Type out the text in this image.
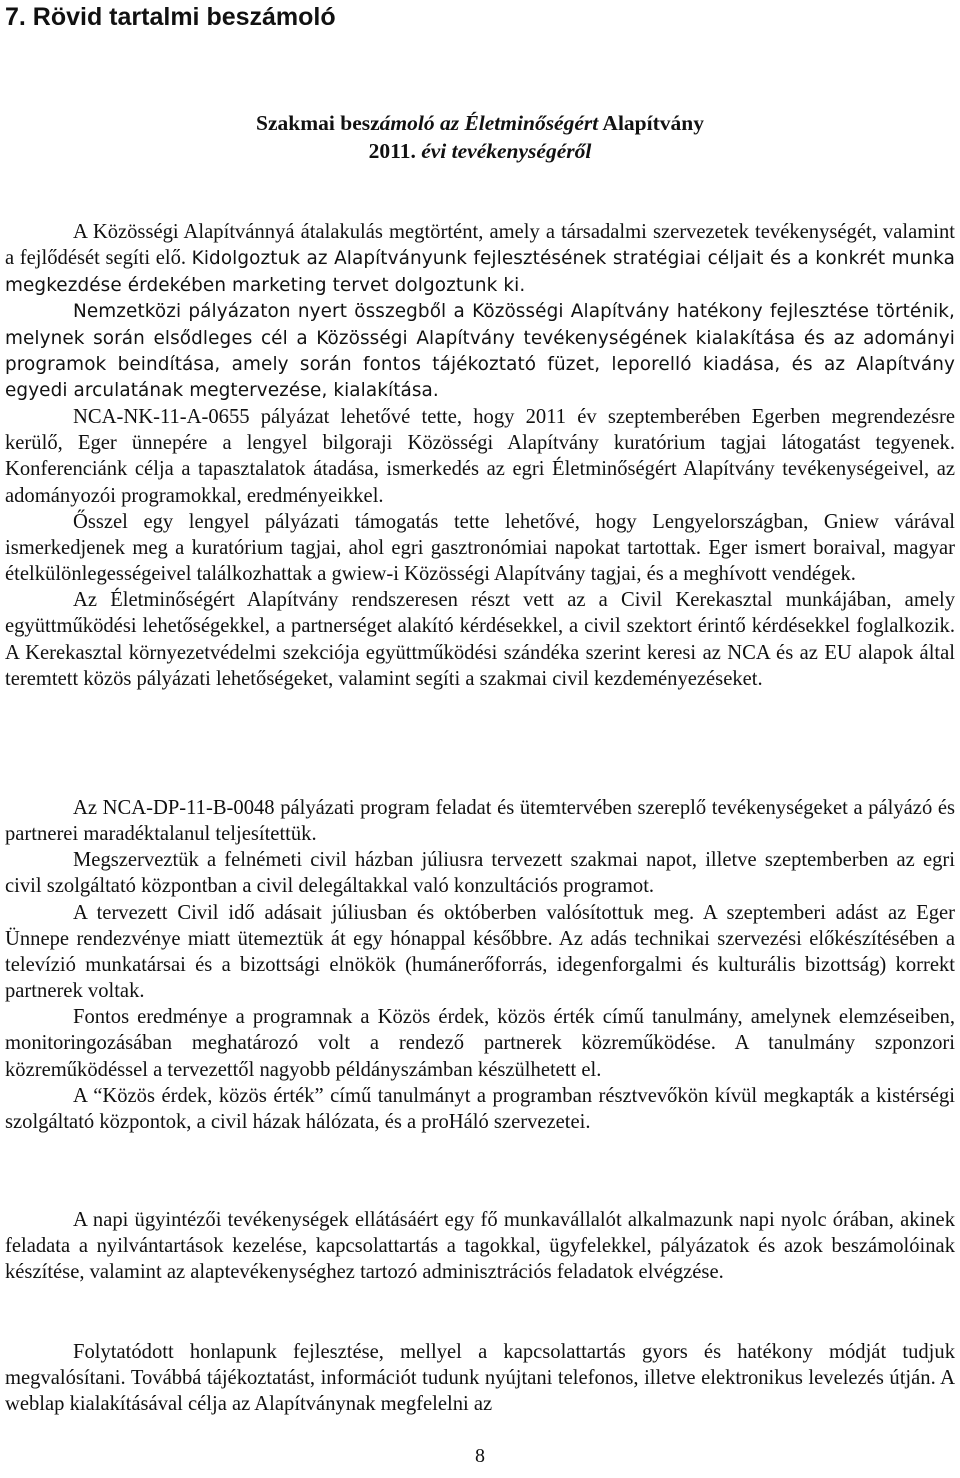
7. Rövid tartalmi beszámoló

Szakmai beszámoló az Életminőségért Alapítvány

2011. évi tevékenységéről

A Közösségi Alapítvánnyá átalakulás megtörtént, amely a társadalmi szervezetek tevékenységét, valamint a fejlődését segíti elő. Kidolgoztuk az Alapítványunk fejlesztésének stratégiai céljait és a konkrét munka megkezdése érdekében marketing tervet dolgoztunk ki.

Nemzetközi pályázaton nyert összegből a Közösségi Alapítvány hatékony fejlesztése történik, melynek során elsődleges cél a Közösségi Alapítvány tevékenységének kialakítása és az adományi programok beindítása, amely során fontos tájékoztató füzet, leporelló kiadása, és az Alapítvány egyedi arculatának megtervezése, kialakítása.

NCA-NK-11-A-0655 pályázat lehetővé tette, hogy 2011 év szeptemberében Egerben megrendezésre kerülő, Eger ünnepére a lengyel bilgoraji Közösségi Alapítvány kuratórium tagjai látogatást tegyenek. Konferenciánk célja a tapasztalatok átadása, ismerkedés az egri Életminőségért Alapítvány tevékenységeivel, az adományozói programokkal, eredményeikkel.

Ősszel egy lengyel pályázati támogatás tette lehetővé, hogy Lengyelországban, Gniew várával ismerkedjenek meg a kuratórium tagjai, ahol egri gasztronómiai napokat tartottak. Eger ismert boraival, magyar ételkülönlegességeivel találkozhattak a gwiew-i Közösségi Alapítvány tagjai, és a meghívott vendégek.

Az Életminőségért Alapítvány rendszeresen részt vett az a Civil Kerekasztal munkájában, amely együttműködési lehetőségekkel, a partnerséget alakító kérdésekkel, a civil szektort érintő kérdésekkel foglalkozik. A Kerekasztal környezetvédelmi szekciója együttműködési szándéka szerint keresi az NCA és az EU alapok által teremtett közös pályázati lehetőségeket, valamint segíti a szakmai civil kezdeményezéseket.

Az NCA-DP-11-B-0048 pályázati program feladat és ütemtervében szereplő tevékenységeket a pályázó és partnerei maradéktalanul teljesítettük.

Megszerveztük a felnémeti civil házban júliusra tervezett szakmai napot, illetve szeptemberben az egri civil szolgáltató központban a civil delegáltakkal való konzultációs programot.

A tervezett Civil idő adásait júliusban és októberben valósítottuk meg. A szeptemberi adást az Eger Ünnepe rendezvénye miatt ütemeztük át egy hónappal későbbre. Az adás technikai szervezési előkészítésében a televízió munkatársai és a bizottsági elnökök (humánerőforrás, idegenforgalmi és kulturális bizottság) korrekt partnerek voltak.

Fontos eredménye a programnak a Közös érdek, közös érték című tanulmány, amelynek elemzéseiben, monitoringozásában meghatározó volt a rendező partnerek közreműködése. A tanulmány szponzori közreműködéssel a tervezettől nagyobb példányszámban készülhetett el.

A “Közös érdek, közös érték” című tanulmányt a programban résztvevőkön kívül megkapták a kistérségi szolgáltató központok, a civil házak hálózata, és a proHáló szervezetei.

A napi ügyintézői tevékenységek ellátásáért egy fő munkavállalót alkalmazunk napi nyolc órában, akinek feladata a nyilvántartások kezelése, kapcsolattartás a tagokkal, ügyfelekkel, pályázatok és azok beszámolóinak készítése, valamint az alaptevékenységhez tartozó adminisztrációs feladatok elvégzése.

Folytatódott honlapunk fejlesztése, mellyel a kapcsolattartás gyors és hatékony módját tudjuk megvalósítani. Továbbá tájékoztatást, információt tudunk nyújtani telefonos, illetve elektronikus levelezés útján. A weblap kialakításával célja az Alapítványnak megfelelni az

8
